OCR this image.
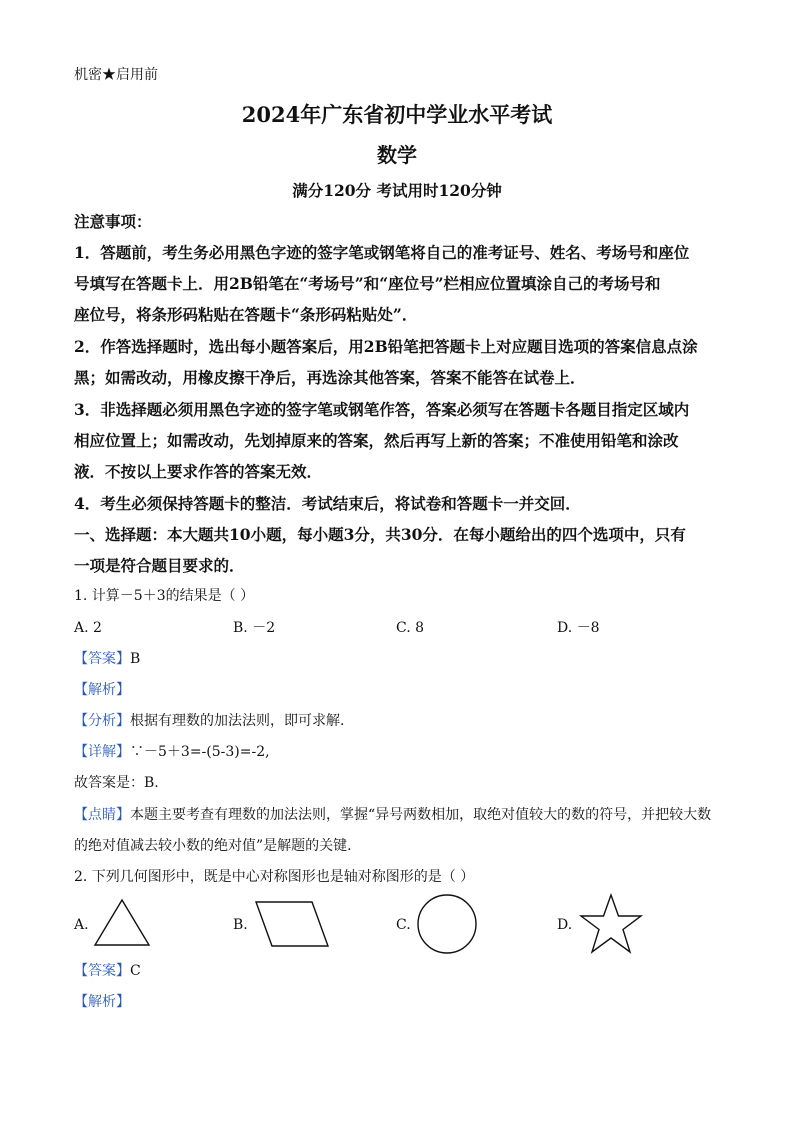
机密★启用前
2024年广东省初中学业水平考试
数学
满分120分 考试用时120分钟
注意事项：
1．答题前，考生务必用黑色字迹的签字笔或钢笔将自己的准考证号、姓名、考场号和座位
号填写在答题卡上．用2B铅笔在“考场号”和“座位号”栏相应位置填涂自己的考场号和
座位号，将条形码粘贴在答题卡“条形码粘贴处”．
2．作答选择题时，选出每小题答案后，用2B铅笔把答题卡上对应题目选项的答案信息点涂
黑；如需改动，用橡皮擦干净后，再选涂其他答案，答案不能答在试卷上．
3．非选择题必须用黑色字迹的签字笔或钢笔作答，答案必须写在答题卡各题目指定区域内
相应位置上；如需改动，先划掉原来的答案，然后再写上新的答案；不准使用铅笔和涂改
液．不按以上要求作答的答案无效．
4．考生必须保持答题卡的整洁．考试结束后，将试卷和答题卡一并交回．
一、选择题：本大题共10小题，每小题3分，共30分．在每小题给出的四个选项中，只有
一项是符合题目要求的．
1. 计算－5＋3的结果是（ ）
A. 2	B. －2	C. 8	D. －8
【答案】B
【解析】
【分析】根据有理数的加法法则，即可求解.
【详解】∵－5＋3=-(5-3)=-2,
故答案是：B.
【点睛】本题主要考查有理数的加法法则，掌握“异号两数相加，取绝对值较大的数的符号，并把较大数
的绝对值减去较小数的绝对值”是解题的关键.
2. 下列几何图形中，既是中心对称图形也是轴对称图形的是（ ）
A.	B.	C.	D.
【答案】C
【解析】
